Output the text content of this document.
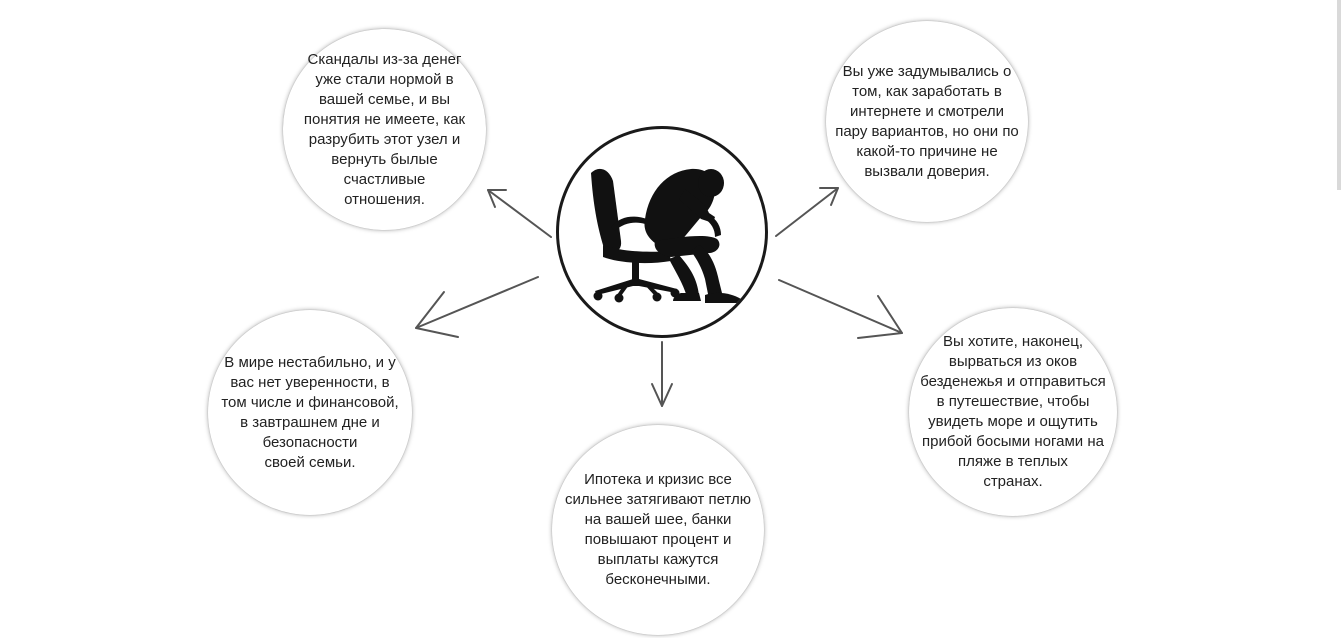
Скандалы из-за денег
уже стали нормой в
вашей семье, и вы
понятия не имеете, как
разрубить этот узел и
вернуть былые
счастливые
отношения.
Вы уже задумывались о
том, как заработать в
интернете и смотрели
пару вариантов, но они по
какой-то причине не
вызвали доверия.
В мире нестабильно, и у
вас нет уверенности, в
том числе и финансовой,
в завтрашнем дне и
безопасности
своей семьи.
Ипотека и кризис все
сильнее затягивают петлю
на вашей шее, банки
повышают процент и
выплаты кажутся
бесконечными.
Вы хотите, наконец,
вырваться из оков
безденежья и отправиться
в путешествие, чтобы
увидеть море и ощутить
прибой босыми ногами на
пляже в теплых
странах.
